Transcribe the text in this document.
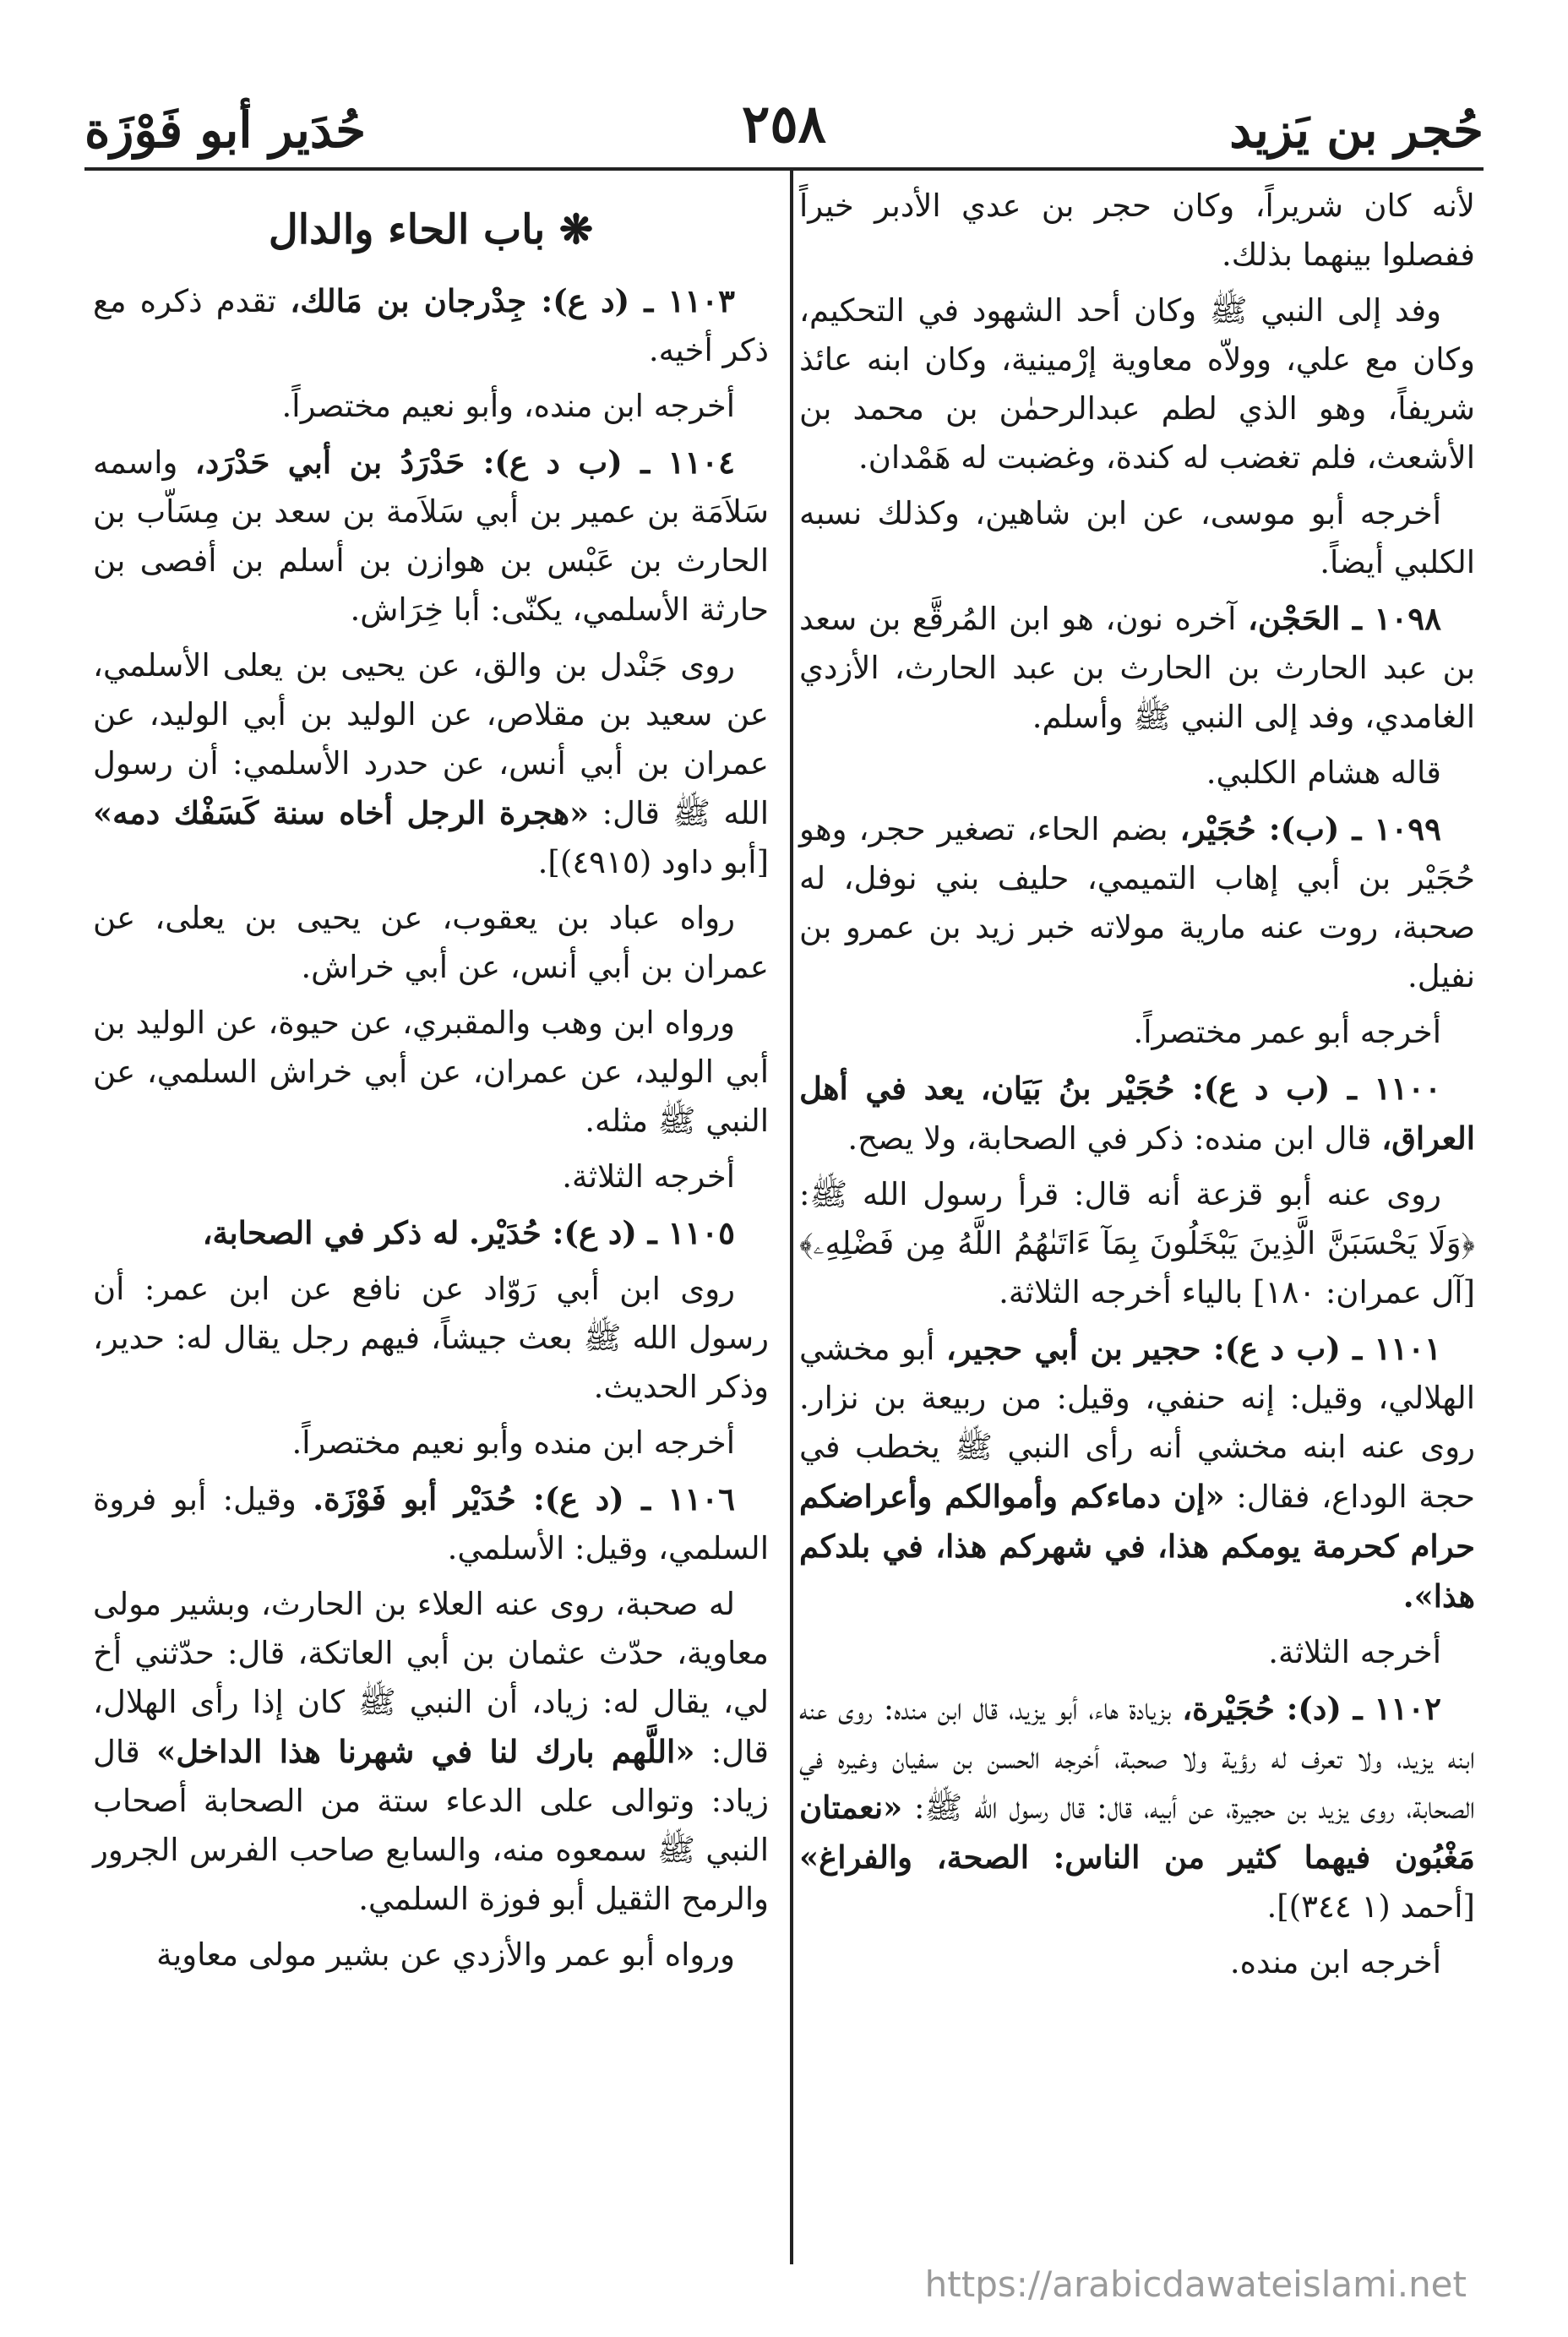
حُجر بن يَزيد
٢٥٨
حُدَير أبو فَوْزَة

لأنه كان شريراً، وكان حجر بن عدي الأدبر خيراً ففصلوا بينهما بذلك.

وفد إلى النبي ﷺ وكان أحد الشهود في التحكيم، وكان مع علي، وولاّه معاوية إرْمينية، وكان ابنه عائذ شريفاً، وهو الذي لطم عبدالرحمٰن بن محمد بن الأشعث، فلم تغضب له كندة، وغضبت له هَمْدان.

أخرجه أبو موسى، عن ابن شاهين، وكذلك نسبه الكلبي أيضاً.

١٠٩٨ ـ الحَجْن، آخره نون، هو ابن المُرقَّع بن سعد بن عبد الحارث بن الحارث بن عبد الحارث، الأزدي الغامدي، وفد إلى النبي ﷺ وأسلم.

قاله هشام الكلبي.

١٠٩٩ ـ (ب): حُجَيْر، بضم الحاء، تصغير حجر، وهو حُجَيْر بن أبي إهاب التميمي، حليف بني نوفل، له صحبة، روت عنه مارية مولاته خبر زيد بن عمرو بن نفيل.

أخرجه أبو عمر مختصراً.

١١٠٠ ـ (ب د ع): حُجَيْر بنُ بَيَان، يعد في أهل العراق، قال ابن منده: ذكر في الصحابة، ولا يصح.

روى عنه أبو قزعة أنه قال: قرأ رسول الله ﷺ: ﴿وَلَا يَحْسَبَنَّ الَّذِينَ يَبْخَلُونَ بِمَآ ءَاتَىٰهُمُ اللَّهُ مِن فَضْلِهِۦ﴾ [آل عمران: ١٨٠] بالياء أخرجه الثلاثة.

١١٠١ ـ (ب د ع): حجير بن أبي حجير، أبو مخشي الهلالي، وقيل: إنه حنفي، وقيل: من ربيعة بن نزار. روى عنه ابنه مخشي أنه رأى النبي ﷺ يخطب في حجة الوداع، فقال: «إن دماءكم وأموالكم وأعراضكم حرام كحرمة يومكم هذا، في شهركم هذا، في بلدكم هذا».

أخرجه الثلاثة.

١١٠٢ ـ (د): حُجَيْرة، بزيادة هاء، أبو يزيد، قال ابن منده: روى عنه ابنه يزيد، ولا تعرف له رؤية ولا صحبة، أخرجه الحسن بن سفيان وغيره في الصحابة، روى يزيد بن حجيرة، عن أبيه، قال: قال رسول الله ﷺ: «نعمتان مَغْبُون فيهما كثير من الناس: الصحة، والفراغ» [أحمد (١ ٣٤٤)].

أخرجه ابن منده.

❋ باب الحاء والدال

١١٠٣ ـ (د ع): جِدْرجان بن مَالك، تقدم ذكره مع ذكر أخيه.

أخرجه ابن منده، وأبو نعيم مختصراً.

١١٠٤ ـ (ب د ع): حَدْرَدُ بن أبي حَدْرَد، واسمه سَلاَمَة بن عمير بن أبي سَلاَمة بن سعد بن مِسَاّب بن الحارث بن عَبْس بن هوازن بن أسلم بن أفصى بن حارثة الأسلمي، يكنّى: أبا خِرَاش.

روى جَنْدل بن والق، عن يحيى بن يعلى الأسلمي، عن سعيد بن مقلاص، عن الوليد بن أبي الوليد، عن عمران بن أبي أنس، عن حدرد الأسلمي: أن رسول الله ﷺ قال: «هجرة الرجل أخاه سنة كَسَفْك دمه» [أبو داود (٤٩١٥)].

رواه عباد بن يعقوب، عن يحيى بن يعلى، عن عمران بن أبي أنس، عن أبي خراش.

ورواه ابن وهب والمقبري، عن حيوة، عن الوليد بن أبي الوليد، عن عمران، عن أبي خراش السلمي، عن النبي ﷺ مثله.

أخرجه الثلاثة.

١١٠٥ ـ (د ع): حُدَيْر. له ذكر في الصحابة،

روى ابن أبي رَوّاد عن نافع عن ابن عمر: أن رسول الله ﷺ بعث جيشاً، فيهم رجل يقال له: حدير، وذكر الحديث.

أخرجه ابن منده وأبو نعيم مختصراً.

١١٠٦ ـ (د ع): حُدَيْر أبو فَوْزَة. وقيل: أبو فروة السلمي، وقيل: الأسلمي.

له صحبة، روى عنه العلاء بن الحارث، وبشير مولى معاوية، حدّث عثمان بن أبي العاتكة، قال: حدّثني أخ لي، يقال له: زياد، أن النبي ﷺ كان إذا رأى الهلال، قال: «اللَّهم بارك لنا في شهرنا هذا الداخل» قال زياد: وتوالى على الدعاء ستة من الصحابة أصحاب النبي ﷺ سمعوه منه، والسابع صاحب الفرس الجرور والرمح الثقيل أبو فوزة السلمي.

ورواه أبو عمر والأزدي عن بشير مولى معاوية

https://arabicdawateislami.net
